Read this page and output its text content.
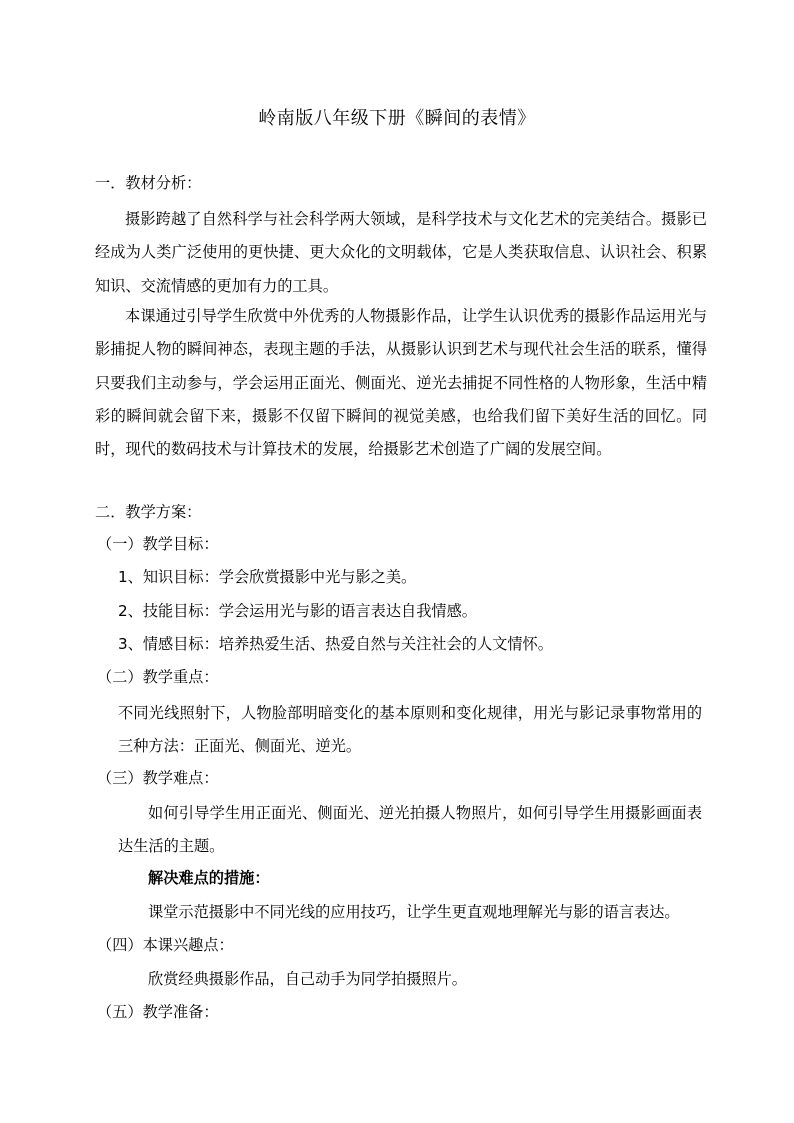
岭南版八年级下册《瞬间的表情》
一．教材分析：
摄影跨越了自然科学与社会科学两大领域，是科学技术与文化艺术的完美结合。摄影已经成为人类广泛使用的更快捷、更大众化的文明载体，它是人类获取信息、认识社会、积累知识、交流情感的更加有力的工具。
本课通过引导学生欣赏中外优秀的人物摄影作品，让学生认识优秀的摄影作品运用光与影捕捉人物的瞬间神态，表现主题的手法，从摄影认识到艺术与现代社会生活的联系，懂得只要我们主动参与，学会运用正面光、侧面光、逆光去捕捉不同性格的人物形象，生活中精彩的瞬间就会留下来，摄影不仅留下瞬间的视觉美感，也给我们留下美好生活的回忆。同时，现代的数码技术与计算技术的发展，给摄影艺术创造了广阔的发展空间。
二．教学方案：
（一）教学目标：
1、知识目标：学会欣赏摄影中光与影之美。
2、技能目标：学会运用光与影的语言表达自我情感。
3、情感目标：培养热爱生活、热爱自然与关注社会的人文情怀。
（二）教学重点：
不同光线照射下，人物脸部明暗变化的基本原则和变化规律，用光与影记录事物常用的三种方法：正面光、侧面光、逆光。
（三）教学难点：
如何引导学生用正面光、侧面光、逆光拍摄人物照片，如何引导学生用摄影画面表达生活的主题。
解决难点的措施：
课堂示范摄影中不同光线的应用技巧，让学生更直观地理解光与影的语言表达。
（四）本课兴趣点：
欣赏经典摄影作品，自己动手为同学拍摄照片。
（五）教学准备：
